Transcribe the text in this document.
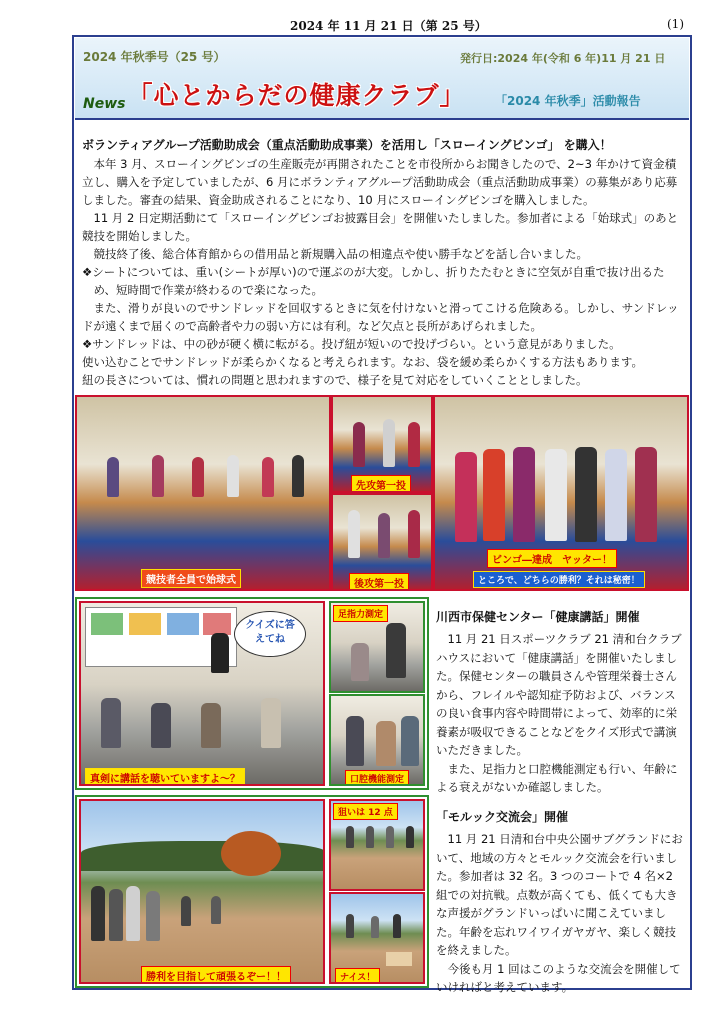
2024 年 11 月 21 日（第 25 号）	(1)
2024 年秋季号（25 号）	発行日:2024 年(令和 6 年)11 月 21 日
News 「心とからだの健康クラブ」 「2024 年秋季」活動報告
ボランティアグループ活動助成会（重点活動助成事業）を活用し「スローイングビンゴ」 を購入！

本年 3 月、スローイングビンゴの生産販売が再開されたことを市役所からお聞きしたので、2~3 年かけて資金積立し、購入を予定していましたが、6 月にボランティアグループ活動助成会（重点活動助成事業）の募集があり応募しました。審査の結果、資金助成されることになり、10 月にスローイングビンゴを購入しました。

11 月 2 日定期活動にて「スローイングビンゴお披露目会」を開催いたしました。参加者による「始球式」のあと競技を開始しました。

競技終了後、総合体育館からの借用品と新規購入品の相違点や使い勝手などを話し合いました。

❖シートについては、重い(シートが厚い)ので運ぶのが大変。しかし、折りたたむときに空気が自重で抜け出るため、短時間で作業が終わるので楽になった。

また、滑りが良いのでサンドレッドを回収するときに気を付けないと滑ってこける危険ある。しかし、サンドレッドが遠くまで届くので高齢者や力の弱い方には有利。など欠点と長所があげられました。

❖サンドレッドは、中の砂が硬く横に転がる。投げ紐が短いので投げづらい。という意見がありました。

使い込むことでサンドレッドが柔らかくなると考えられます。なお、袋を緩め柔らかくする方法もあります。

紐の長さについては、慣れの問題と思われますので、様子を見て対応をしていくこととしました。

競技者全員で始球式
先攻第一投
後攻第一投
ビンゴ―達成　ヤッター！
ところで、どちらの勝利？それは秘密！
真剣に講話を聴いていますよ～？
クイズに答えてね
足指力測定
口腔機能測定
川西市保健センター「健康講話」開催

11 月 21 日スポーツクラブ 21 清和台クラブハウスにおいて「健康講話」を開催いたしました。保健センターの職員さんや管理栄養士さんから、フレイルや認知症予防および、バランスの良い食事内容や時間帯によって、効率的に栄養素が吸収できることなどをクイズ形式で講演いただきました。

また、足指力と口腔機能測定も行い、年齢による衰えがないか確認しました。

勝利を目指して頑張るぞー！！
狙いは 12 点
ナイス！
「モルック交流会」開催

11 月 21 日清和台中央公園サブグランドにおいて、地域の方々とモルック交流会を行いました。参加者は 32 名。3 つのコートで 4 名×2 組での対抗戦。点数が高くても、低くても大きな声援がグランドいっぱいに聞こえていました。年齢を忘れワイワイガヤガヤ、楽しく競技を終えました。

今後も月 1 回はこのような交流会を開催していければと考えています。
